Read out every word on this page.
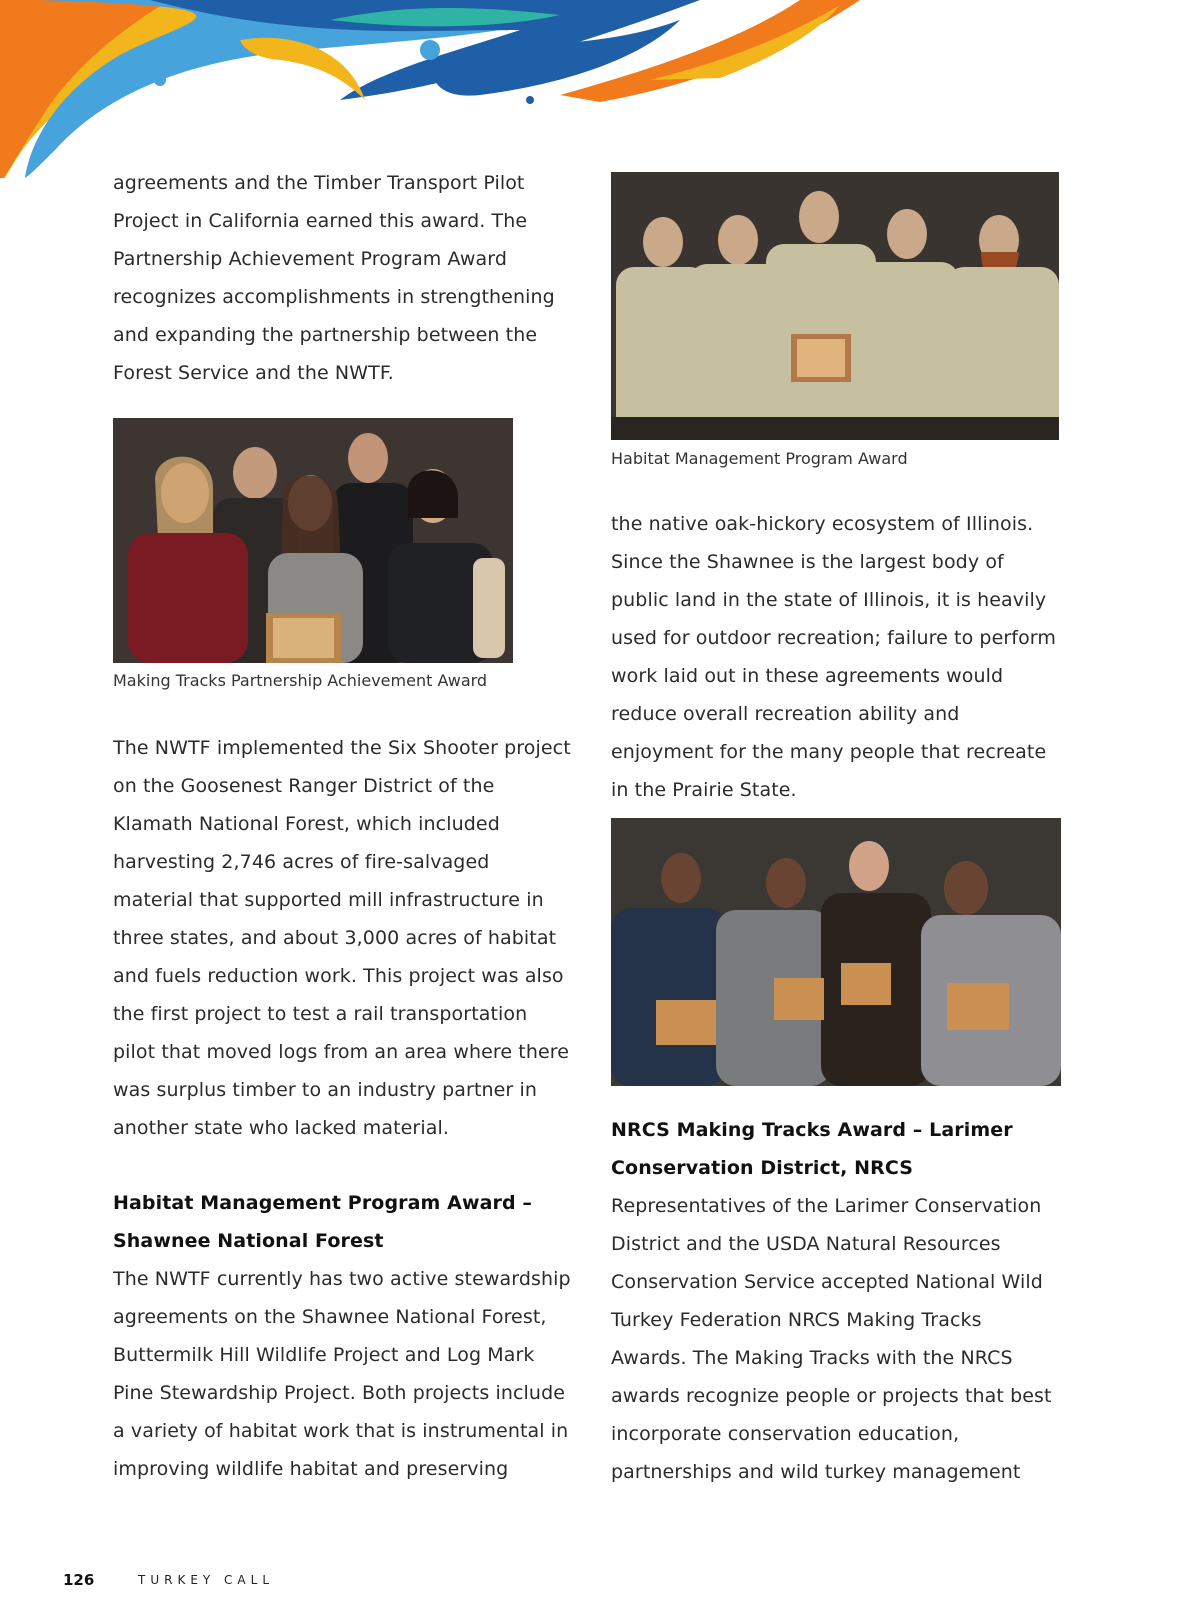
agreements and the Timber Transport Pilot Project in California earned this award. The Partnership Achievement Program Award recognizes accomplishments in strengthening and expanding the partnership between the Forest Service and the NWTF.

Making Tracks Partnership Achievement Award

The NWTF implemented the Six Shooter project on the Goosenest Ranger District of the Klamath National Forest, which included harvesting 2,746 acres of fire-salvaged material that supported mill infrastructure in three states, and about 3,000 acres of habitat and fuels reduction work. This project was also the first project to test a rail transportation pilot that moved logs from an area where there was surplus timber to an industry partner in another state who lacked material.

Habitat Management Program Award – Shawnee National Forest

The NWTF currently has two active stewardship agreements on the Shawnee National Forest, Buttermilk Hill Wildlife Project and Log Mark Pine Stewardship Project. Both projects include a variety of habitat work that is instrumental in improving wildlife habitat and preserving

Habitat Management Program Award

the native oak-hickory ecosystem of Illinois. Since the Shawnee is the largest body of public land in the state of Illinois, it is heavily used for outdoor recreation; failure to perform work laid out in these agreements would reduce overall recreation ability and enjoyment for the many people that recreate in the Prairie State.

NRCS Making Tracks Award – Larimer Conservation District, NRCS

Representatives of the Larimer Conservation District and the USDA Natural Resources Conservation Service accepted National Wild Turkey Federation NRCS Making Tracks Awards. The Making Tracks with the NRCS awards recognize people or projects that best incorporate conservation education, partnerships and wild turkey management

126	TURKEY CALL
